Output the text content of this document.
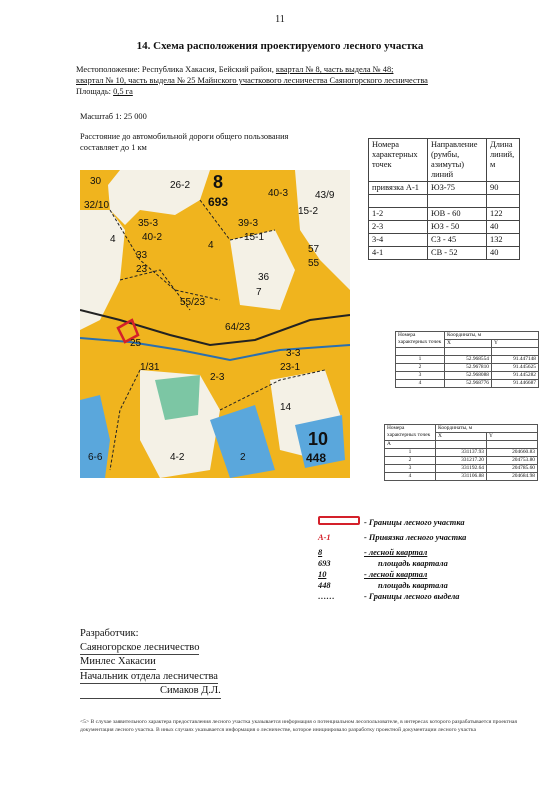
11
14. Схема расположения проектируемого лесного участка
Местоположение: Республика Хакасия, Бейский район, квартал № 8, часть выдела № 48;
квартал № 10, часть выдела № 25 Майнского участкового лесничества Саяногорского лесничества
Площадь: 0,5 га
Масштаб 1: 25 000
Расстояние до автомобильной дороги общего пользования
составляет до 1 км
30	26-2 8
693
40-3	43/9
32/10
15-2
39-3
15-1
35-3
40-2
4
33
23
4	57
55
36
7
55/23
64/23
25
1/31
2-3
3-3
23-1
14
10
448
6-6	4-2	2
Номера характерных точек	Направление (румбы, азимуты) линий	Длина линий, м
привязка А-1	ЮЗ-75	90

1-2	ЮВ - 60	122
2-3	ЮЗ - 50	40
3-4	СЗ - 45	132
4-1	СВ - 52	40
Номера характерных точек	Координаты, м	
	X	Y

1	52.968554	91.447148
2	52.967810	91.445625
3	52.968088	91.445282
4	52.968776	91.446687
Номера характерных точек	Координаты, м	
	X	Y
А		
1	331137.93	204660.83
2	331217.20	204753.80
3	331192.64	204785.60
4	331106.88	204684.98
- Границы лесного участка
А-1	- Привязка лесного участка
8	- лесной квартал
693	площадь квартала
10	- лесной квартал
448	площадь квартала
……	- Границы лесного выдела
Разработчик:
Саяногорское лесничество
Минлес Хакасии
Начальник отдела лесничества
Симаков Д.Л.
<5> В случае заявительного характера предоставления лесного участка указывается информация о потенциальном лесопользователе, в интересах которого разрабатывается проектная документация лесного участка. В иных случаях указывается информация о лесничестве, которое инициировало разработку проектной документации лесного участка
